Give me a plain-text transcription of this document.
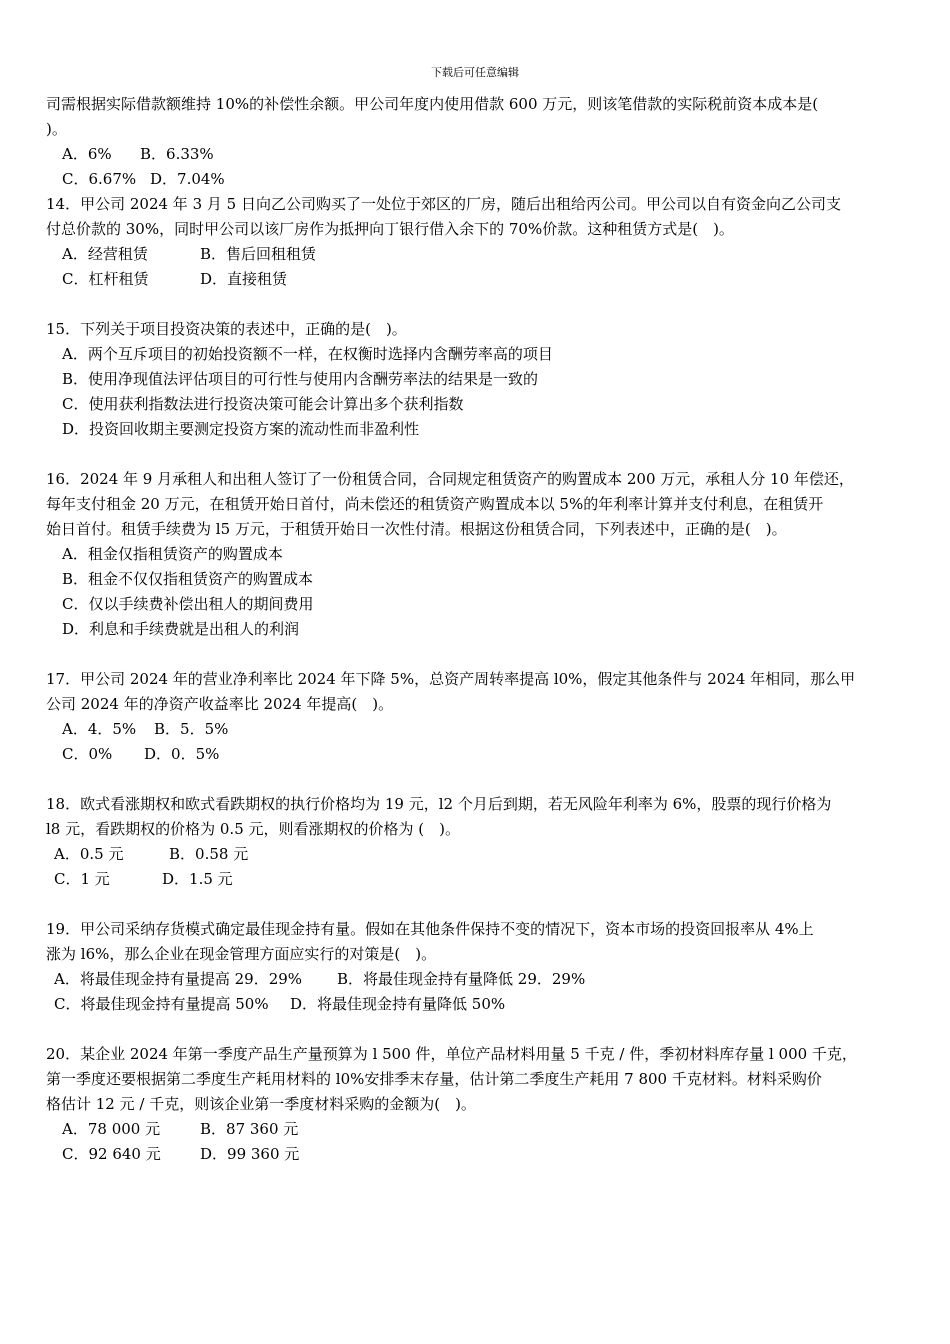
下载后可任意编辑
司需根据实际借款额维持 10%的补偿性余额。甲公司年度内使用借款 600 万元，则该笔借款的实际税前资本成本是(
)。
A．6% B．6.33%
C．6.67% D．7.04%
14．甲公司 2024 年 3 月 5 日向乙公司购买了一处位于郊区的厂房，随后出租给丙公司。甲公司以自有资金向乙公司支
付总价款的 30%，同时甲公司以该厂房作为抵押向丁银行借入余下的 70%价款。这种租赁方式是(　)。
A．经营租赁	B．售后回租租赁
C．杠杆租赁	D．直接租赁
15．下列关于项目投资决策的表述中，正确的是(　)。
A．两个互斥项目的初始投资额不一样，在权衡时选择内含酬劳率高的项目
B．使用净现值法评估项目的可行性与使用内含酬劳率法的结果是一致的
C．使用获利指数法进行投资决策可能会计算出多个获利指数
D．投资回收期主要测定投资方案的流动性而非盈利性
16．2024 年 9 月承租人和出租人签订了一份租赁合同，合同规定租赁资产的购置成本 200 万元，承租人分 10 年偿还，
每年支付租金 20 万元，在租赁开始日首付，尚未偿还的租赁资产购置成本以 5%的年利率计算并支付利息，在租赁开
始日首付。租赁手续费为 l5 万元，于租赁开始日一次性付清。根据这份租赁合同，下列表述中，正确的是(　)。
A．租金仅指租赁资产的购置成本
B．租金不仅仅指租赁资产的购置成本
C．仅以手续费补偿出租人的期间费用
D．利息和手续费就是出租人的利润
17．甲公司 2024 年的营业净利率比 2024 年下降 5%，总资产周转率提高 l0%，假定其他条件与 2024 年相同，那么甲
公司 2024 年的净资产收益率比 2024 年提高(　)。
A．4．5% B．5．5%
C．0% D．0．5%
18．欧式看涨期权和欧式看跌期权的执行价格均为 19 元，l2 个月后到期，若无风险年利率为 6%，股票的现行价格为
l8 元，看跌期权的价格为 0.5 元，则看涨期权的价格为 (　)。
A．0.5 元	B．0.58 元
C．1 元	D．1.5 元
19．甲公司采纳存货模式确定最佳现金持有量。假如在其他条件保持不变的情况下，资本市场的投资回报率从 4%上
涨为 l6%，那么企业在现金管理方面应实行的对策是(　)。
A．将最佳现金持有量提高 29．29% B．将最佳现金持有量降低 29．29%
C．将最佳现金持有量提高 50% D．将最佳现金持有量降低 50%
20．某企业 2024 年第一季度产品生产量预算为 l 500 件，单位产品材料用量 5 千克 / 件，季初材料库存量 l 000 千克，
第一季度还要根据第二季度生产耗用材料的 l0%安排季末存量，估计第二季度生产耗用 7 800 千克材料。材料采购价
格估计 12 元 / 千克，则该企业第一季度材料采购的金额为(　)。
A．78 000 元	B．87 360 元
C．92 640 元	D．99 360 元
